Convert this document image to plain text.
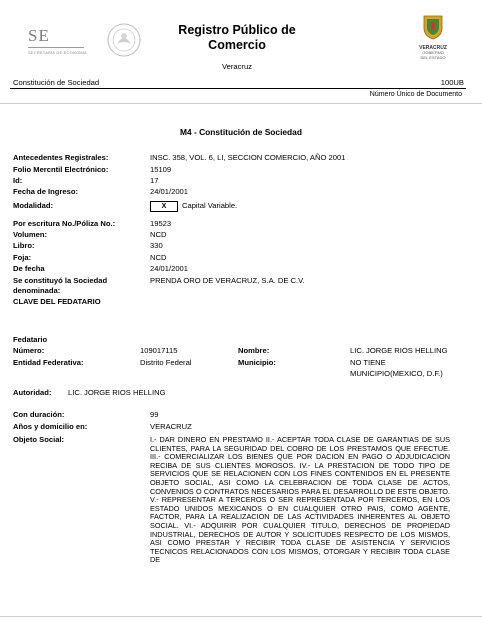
SE
SECRETARÍA DE ECONOMÍA
Registro Público de
Comercio
Veracruz
VERACRUZ
GOBIERNO
DEL ESTADO
Constitución de Sociedad	100UB
Número Único de Documento
M4 - Constitución de Sociedad
Antecedentes Registrales:	INSC. 358, VOL. 6, LI, SECCION COMERCIO, AÑO 2001
Folio Mercntil Electrónico:	15109
Id:	17
Fecha de Ingreso:	24/01/2001
Modalidad:	X	Capital Variable.
Por escritura No./Póliza No.:	19523
Volumen:	NCD
Libro:	330
Foja:	NCD
De fecha	24/01/2001
Se constituyó la Sociedad
denominada:
PRENDA ORO DE VERACRUZ, S.A. DE C.V.
CLAVE DEL FEDATARIO
Fedatario
Número:	109017115	Nombre:	LIC. JORGE RIOS HELLING
Entidad Federativa:	Distrito Federal	Municipio:	NO TIENE
MUNICIPIO(MEXICO, D.F.)
Autoridad: LIC. JORGE RIOS HELLING
Con duración:	99
Años y domicilio en:	VERACRUZ
Objeto Social:	I.- DAR DINERO EN PRESTAMO II.- ACEPTAR TODA CLASE DE GARANTIAS DE SUS CLIENTES, PARA LA SEGURIDAD DEL COBRO DE LOS PRESTAMOS QUE EFECTUE. III.- COMERCIALIZAR LOS BIENES QUE POR DACION EN PAGO O ADJUDICACION RECIBA DE SUS CLIENTES MOROSOS. IV.- LA PRESTACION DE TODO TIPO DE SERVICIOS QUE SE RELACIONEN CON LOS FINES CONTENIDOS EN EL PRESENTE OBJETO SOCIAL, ASI COMO LA CELEBRACION DE TODA CLASE DE ACTOS, CONVENIOS O CONTRATOS NECESARIOS PARA EL DESARROLLO DE ESTE OBJETO. V.- REPRESENTAR A TERCEROS O SER REPRESENTADA POR TERCEROS, EN LOS ESTADO UNIDOS MEXICANOS O EN CUALQUIER OTRO PAIS, COMO AGENTE, FACTOR, PARA LA REALIZACION DE LAS ACTIVIDADES INHERENTES AL OBJETO SOCIAL. VI.- ADQUIRIR POR CUALQUIER TITULO, DERECHOS DE PROPIEDAD INDUSTRIAL, DERECHOS DE AUTOR Y SOLICITUDES RESPECTO DE LOS MISMOS, ASI COMO PRESTAR Y RECIBIR TODA CLASE DE ASISTENCIA Y SERVICIOS TECNICOS RELACIONADOS CON LOS MISMOS, OTORGAR Y RECIBIR TODA CLASE DE
